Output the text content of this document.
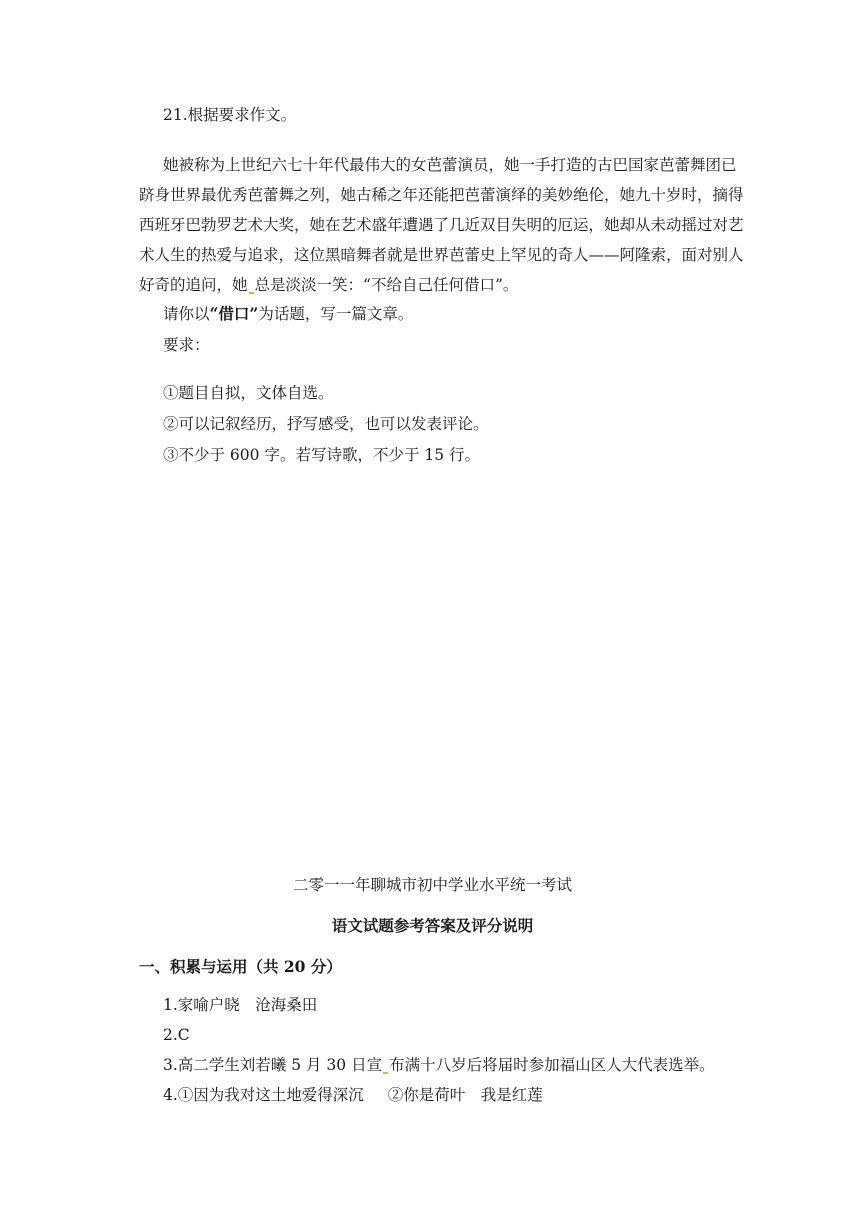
21.根据要求作文。
她被称为上世纪六七十年代最伟大的女芭蕾演员，她一手打造的古巴国家芭蕾舞团已
跻身世界最优秀芭蕾舞之列，她古稀之年还能把芭蕾演绎的美妙绝伦，她九十岁时，摘得
西班牙巴勃罗艺术大奖，她在艺术盛年遭遇了几近双目失明的厄运，她却从未动摇过对艺
术人生的热爱与追求，这位黑暗舞者就是世界芭蕾史上罕见的奇人——阿隆索，面对别人
好奇的追问，她 总是淡淡一笑：“不给自己任何借口”。
请你以“借口”为话题，写一篇文章。
要求：
①题目自拟，文体自选。
②可以记叙经历，抒写感受，也可以发表评论。
③不少于 600 字。若写诗歌，不少于 15 行。
二零一一年聊城市初中学业水平统一考试
语文试题参考答案及评分说明
一、积累与运用（共 20 分）
1.家喻户晓　沧海桑田
2.C
3.高二学生刘若曦 5 月 30 日宣 布满十八岁后将届时参加福山区人大代表选举。
4.①因为我对这土地爱得深沉 ②你是荷叶　我是红莲
